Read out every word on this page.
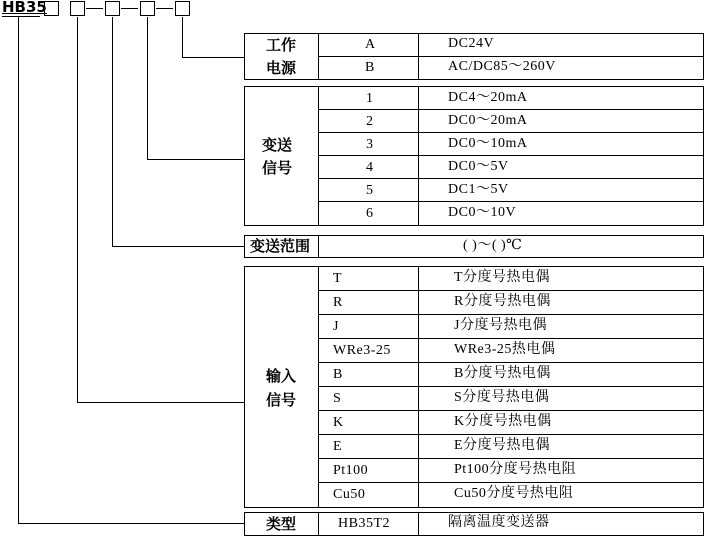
HB35
工作
电源
A	DC24V
B	AC/DC85～260V
变送
信号
1	DC4～20mA
2	DC0～20mA
3	DC0～10mA
4	DC0～5V
5	DC1～5V
6	DC0～10V
变送范围	( )～( )℃
输入
信号
T	T分度号热电偶
R	R分度号热电偶
J	J分度号热电偶
WRe3-25	WRe3-25热电偶
B	B分度号热电偶
S	S分度号热电偶
K	K分度号热电偶
E	E分度号热电偶
Pt100	Pt100分度号热电阻
Cu50	Cu50分度号热电阻
类型	HB35T2	隔离温度变送器
